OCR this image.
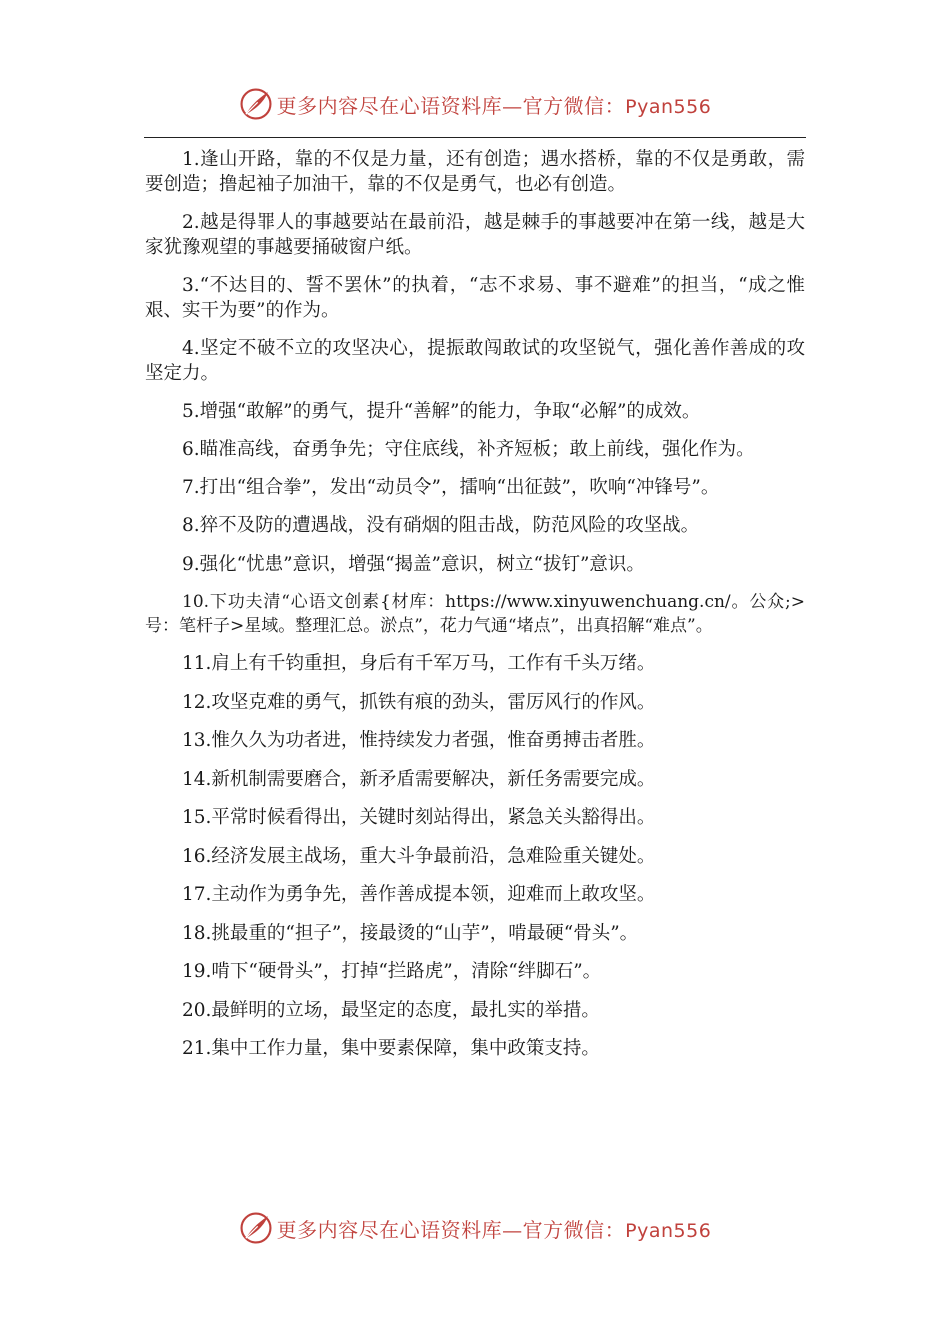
更多内容尽在心语资料库—官方微信：Pyan556

1.逢山开路，靠的不仅是力量，还有创造；遇水搭桥，靠的不仅是勇敢，需要创造；撸起袖子加油干，靠的不仅是勇气，也必有创造。

2.越是得罪人的事越要站在最前沿，越是棘手的事越要冲在第一线，越是大家犹豫观望的事越要捅破窗户纸。

3.“不达目的、誓不罢休”的执着，“志不求易、事不避难”的担当，“成之惟艰、实干为要”的作为。

4.坚定不破不立的攻坚决心，提振敢闯敢试的攻坚锐气，强化善作善成的攻坚定力。

5.增强“敢解”的勇气，提升“善解”的能力，争取“必解”的成效。

6.瞄准高线，奋勇争先；守住底线，补齐短板；敢上前线，强化作为。

7.打出“组合拳”，发出“动员令”，擂响“出征鼓”，吹响“冲锋号”。

8.猝不及防的遭遇战，没有硝烟的阻击战，防范风险的攻坚战。

9.强化“忧患”意识，增强“揭盖”意识，树立“拔钉”意识。

10.下功夫清“心语文创素{材库：https://www.xinyuwenchuang.cn/。公众;>号：笔杆子>星域。整理汇总。淤点”，花力气通“堵点”，出真招解“难点”。

11.肩上有千钧重担，身后有千军万马，工作有千头万绪。

12.攻坚克难的勇气，抓铁有痕的劲头，雷厉风行的作风。

13.惟久久为功者进，惟持续发力者强，惟奋勇搏击者胜。

14.新机制需要磨合，新矛盾需要解决，新任务需要完成。

15.平常时候看得出，关键时刻站得出，紧急关头豁得出。

16.经济发展主战场，重大斗争最前沿，急难险重关键处。

17.主动作为勇争先，善作善成提本领，迎难而上敢攻坚。

18.挑最重的“担子”，接最烫的“山芋”，啃最硬“骨头”。

19.啃下“硬骨头”，打掉“拦路虎”，清除“绊脚石”。

20.最鲜明的立场，最坚定的态度，最扎实的举措。

21.集中工作力量，集中要素保障，集中政策支持。

更多内容尽在心语资料库—官方微信：Pyan556
